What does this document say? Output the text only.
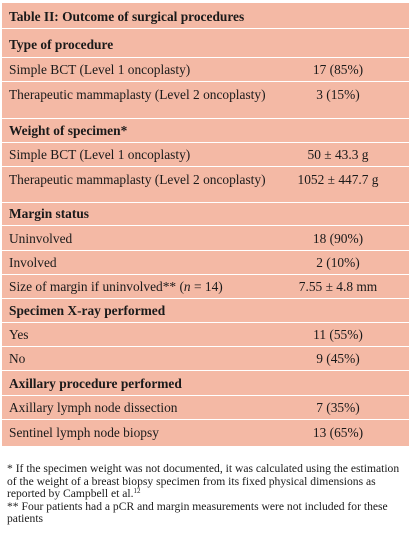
Table II: Outcome of surgical procedures
Type of procedure
Simple BCT (Level 1 oncoplasty)	17 (85%)
Therapeutic mammaplasty (Level 2 oncoplasty)	3 (15%)
Weight of specimen*
Simple BCT (Level 1 oncoplasty)	50 ± 43.3 g
Therapeutic mammaplasty (Level 2 oncoplasty)	1052 ± 447.7 g
Margin status
Uninvolved	18 (90%)
Involved	2 (10%)
Size of margin if uninvolved** (n = 14)	7.55 ± 4.8 mm
Specimen X-ray performed
Yes	11 (55%)
No	9 (45%)
Axillary procedure performed
Axillary lymph node dissection	7 (35%)
Sentinel lymph node biopsy	13 (65%)

* If the specimen weight was not documented, it was calculated using the estimation of the weight of a breast biopsy specimen from its fixed physical dimensions as reported by Campbell et al.$^{12}$

** Four patients had a pCR and margin measurements were not included for these patients
